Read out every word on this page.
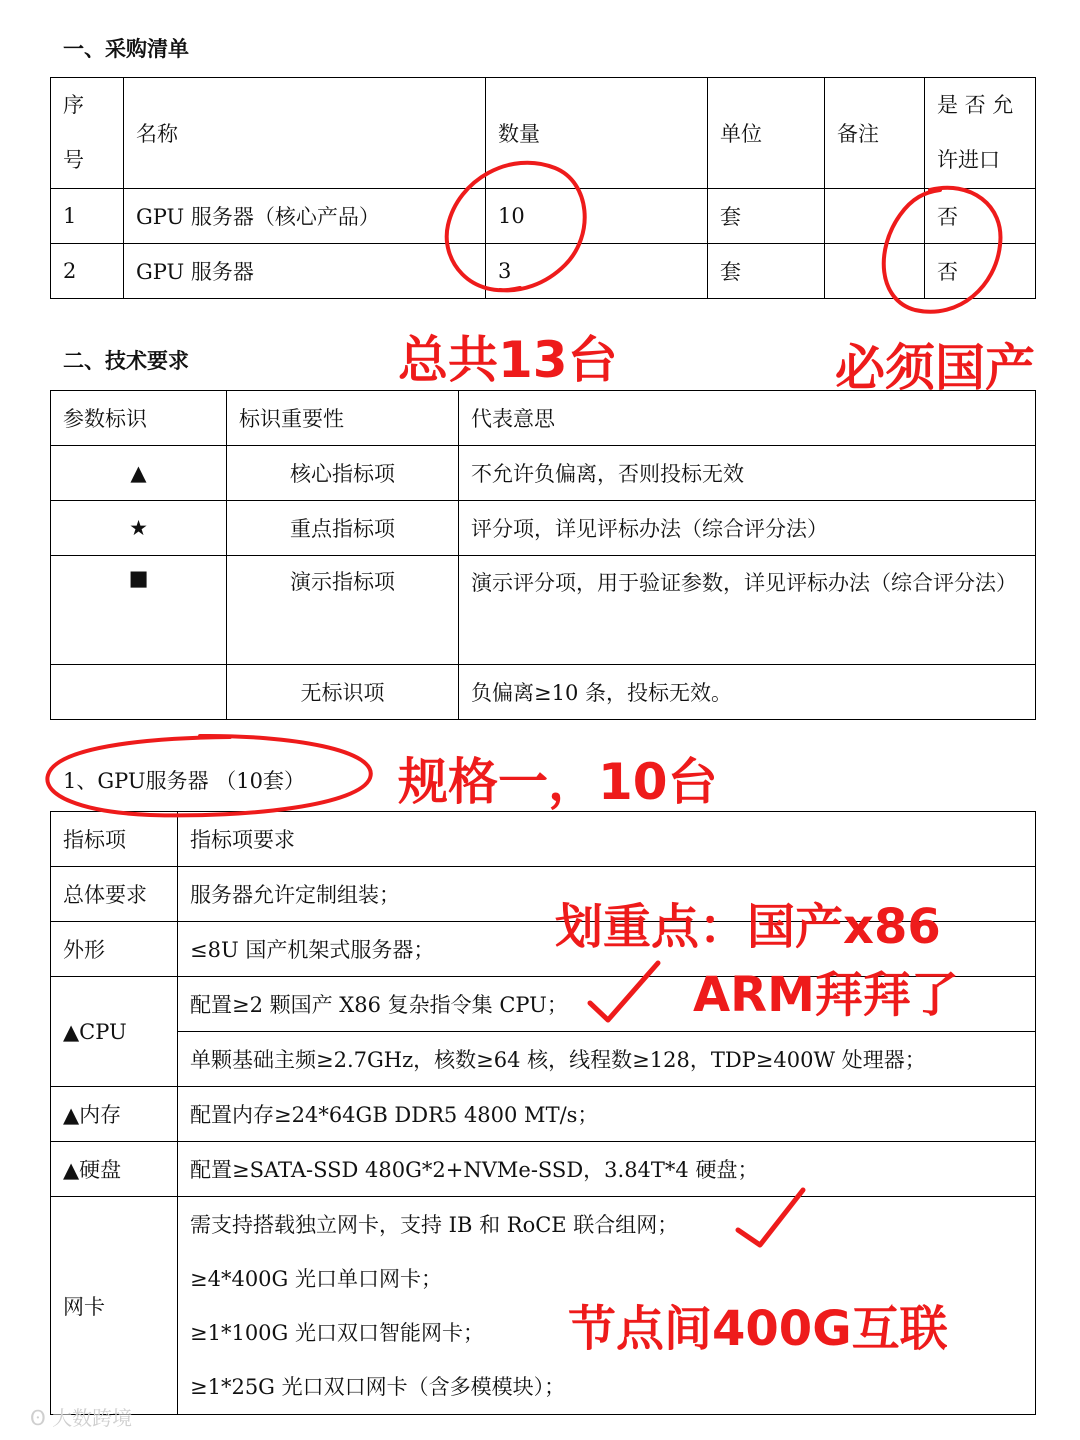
一、采购清单
序
号	名称	数量	单位	备注	是 否 允
许进口
1	GPU 服务器（核心产品）	10	套		否
2	GPU 服务器	3	套		否
二、技术要求
参数标识	标识重要性	代表意思
▲	核心指标项	不允许负偏离，否则投标无效
★	重点指标项	评分项，详见评标办法（综合评分法）
■	演示指标项	演示评分项，用于验证参数，详见评标办法（综合评分法）
	无标识项	负偏离≥10 条，投标无效。
1、GPU服务器 （10套）
指标项	指标项要求
总体要求	服务器允许定制组装；
外形	≤8U 国产机架式服务器；
▲CPU	配置≥2 颗国产 X86 复杂指令集 CPU；
	单颗基础主频≥2.7GHz，核数≥64 核，线程数≥128，TDP≥400W 处理器；
▲内存	配置内存≥24*64GB DDR5 4800 MT/s；
▲硬盘	配置≥SATA-SSD 480G*2+NVMe-SSD，3.84T*4 硬盘；
网卡	需支持搭载独立网卡，支持 IB 和 RoCE 联合组网；
≥4*400G 光口单口网卡；
≥1*100G 光口双口智能网卡；
≥1*25G 光口双口网卡（含多模模块）；
总共13台	必须国产
规格一，10台
划重点：国产x86
ARM拜拜了
节点间400G互联
ʘ 大数跨境
